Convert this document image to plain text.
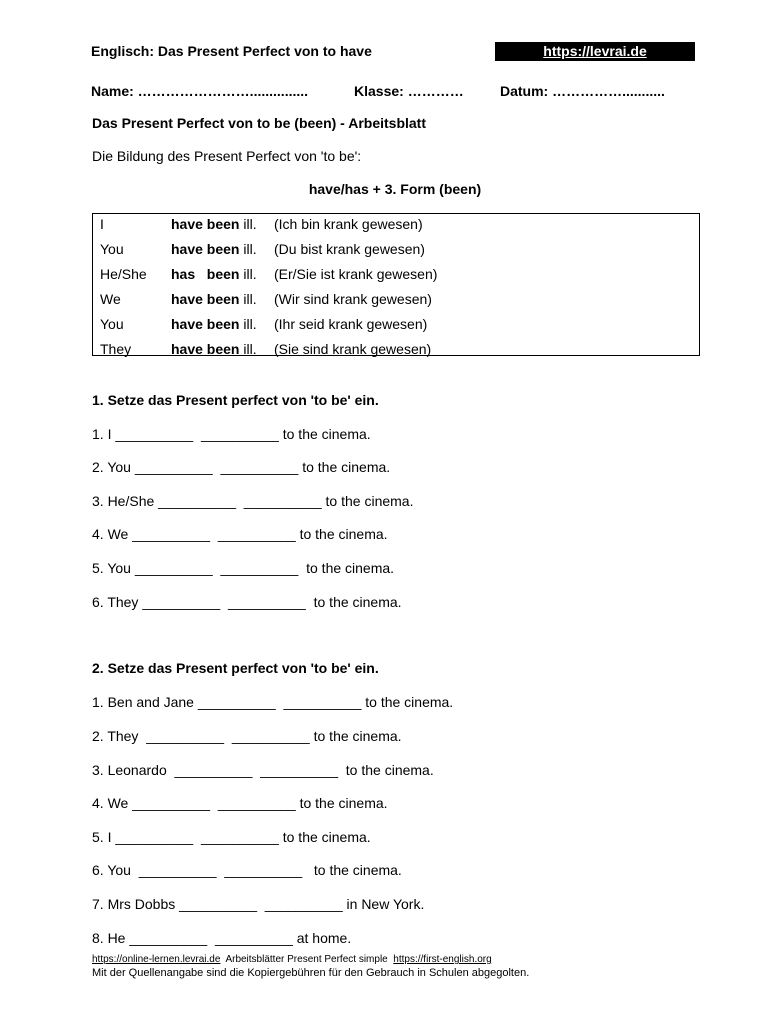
Englisch: Das Present Perfect von to have	https://levrai.de
Name: ……………………...............	Klasse: …………	Datum: ……………...........
Das Present Perfect von to be (been) - Arbeitsblatt
Die Bildung des Present Perfect von 'to be':
have/has + 3. Form (been)
I	have been ill. (Ich bin krank gewesen)
You	have been ill. (Du bist krank gewesen)
He/She has   been ill. (Er/Sie ist krank gewesen)
We	have been ill. (Wir sind krank gewesen)
You	have been ill. (Ihr seid krank gewesen)
They	have been ill. (Sie sind krank gewesen)
1. Setze das Present perfect von 'to be' ein.
1. I __________  __________ to the cinema.
2. You __________  __________ to the cinema.
3. He/She __________  __________ to the cinema.
4. We __________  __________ to the cinema.
5. You __________  __________  to the cinema.
6. They __________  __________  to the cinema.
2. Setze das Present perfect von 'to be' ein.
1. Ben and Jane __________  __________ to the cinema.
2. They  __________  __________ to the cinema.
3. Leonardo  __________  __________  to the cinema.
4. We __________  __________ to the cinema.
5. I __________  __________ to the cinema.
6. You  __________  __________   to the cinema.
7. Mrs Dobbs __________  __________ in New York.
8. He __________  __________ at home.
https://online-lernen.levrai.de Arbeitsblätter Present Perfect simple https://first-english.org
Mit der Quellenangabe sind die Kopiergebühren für den Gebrauch in Schulen abgegolten.
